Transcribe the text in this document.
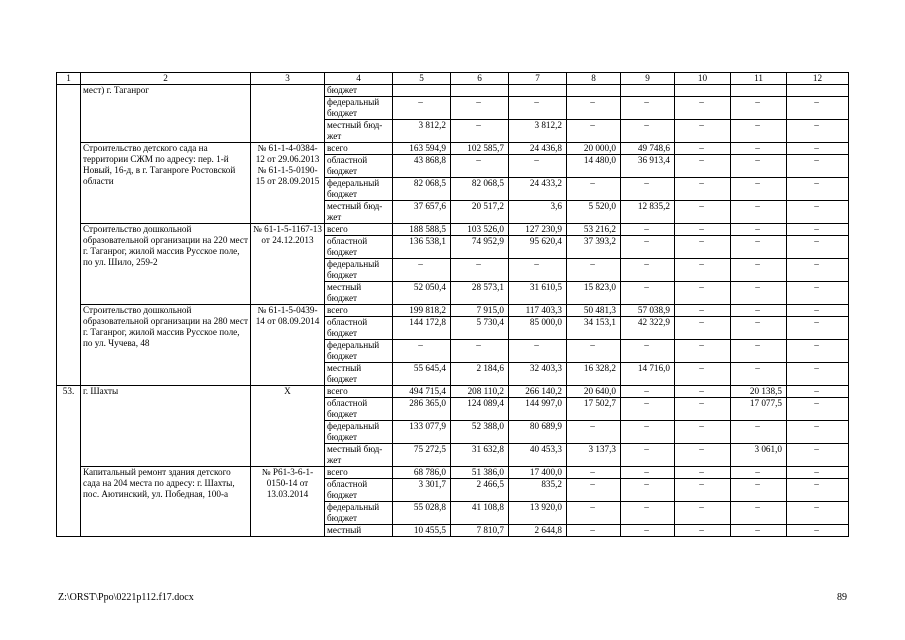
1	2	3	4	5	6	7	8	9	10	11	12
	мест) г. Таганрог		бюджет								
			федеральный бюджет	–	–	–	–	–	–	–	–
			местный бюд-жет	3 812,2	–	3 812,2	–	–	–	–	–
	Строительство детского сада на территории СЖМ по адресу: пер. 1-й Новый, 16-д, в г. Таганроге Ростовской области	№ 61-1-4-0384-12 от 29.06.2013 № 61-1-5-0190-15 от 28.09.2015	всего	163 594,9	102 585,7	24 436,8	20 000,0	49 748,6	–	–	–
			областной бюджет	43 868,8	–	–	14 480,0	36 913,4	–	–	–
			федеральный бюджет	82 068,5	82 068,5	24 433,2	–	–	–	–	–
			местный бюд-жет	37 657,6	20 517,2	3,6	5 520,0	12 835,2	–	–	–
	Строительство дошкольной образовательной организации на 220 мест г. Таганрог, жилой массив Русское поле, по ул. Шило, 259-2	№ 61-1-5-1167-13 от 24.12.2013	всего	188 588,5	103 526,0	127 230,9	53 216,2	–	–	–	–
			областной бюджет	136 538,1	74 952,9	95 620,4	37 393,2	–	–	–	–
			федеральный бюджет	–	–	–	–	–	–	–	–
			местный бюджет	52 050,4	28 573,1	31 610,5	15 823,0	–	–	–	–
	Строительство дошкольной образовательной организации на 280 мест г. Таганрог, жилой массив Русское поле, по ул. Чучева, 48	№ 61-1-5-0439-14 от 08.09.2014	всего	199 818,2	7 915,0	117 403,3	50 481,3	57 038,9	–	–	–
			областной бюджет	144 172,8	5 730,4	85 000,0	34 153,1	42 322,9	–	–	–
			федеральный бюджет	–	–	–	–	–	–	–	–
			местный бюджет	55 645,4	2 184,6	32 403,3	16 328,2	14 716,0	–	–	–
53.	г. Шахты	Х	всего	494 715,4	208 110,2	266 140,2	20 640,0	–	–	20 138,5	–
			областной бюджет	286 365,0	124 089,4	144 997,0	17 502,7	–	–	17 077,5	–
			федеральный бюджет	133 077,9	52 388,0	80 689,9	–	–	–	–	–
			местный бюд-жет	75 272,5	31 632,8	40 453,3	3 137,3	–	–	3 061,0	–
	Капитальный ремонт здания детского сада на 204 места по адресу: г. Шахты, пос. Аютинский, ул. Победная, 100-а	№ Р61-3-6-1-0150-14 от 13.03.2014	всего	68 786,0	51 386,0	17 400,0	–	–	–	–	–
			областной бюджет	3 301,7	2 466,5	835,2	–	–	–	–	–
			федеральный бюджет	55 028,8	41 108,8	13 920,0	–	–	–	–	–
			местный	10 455,5	7 810,7	2 644,8	–	–	–	–	–
Z:\ORST\Ppo\0221p112.f17.docx	89
